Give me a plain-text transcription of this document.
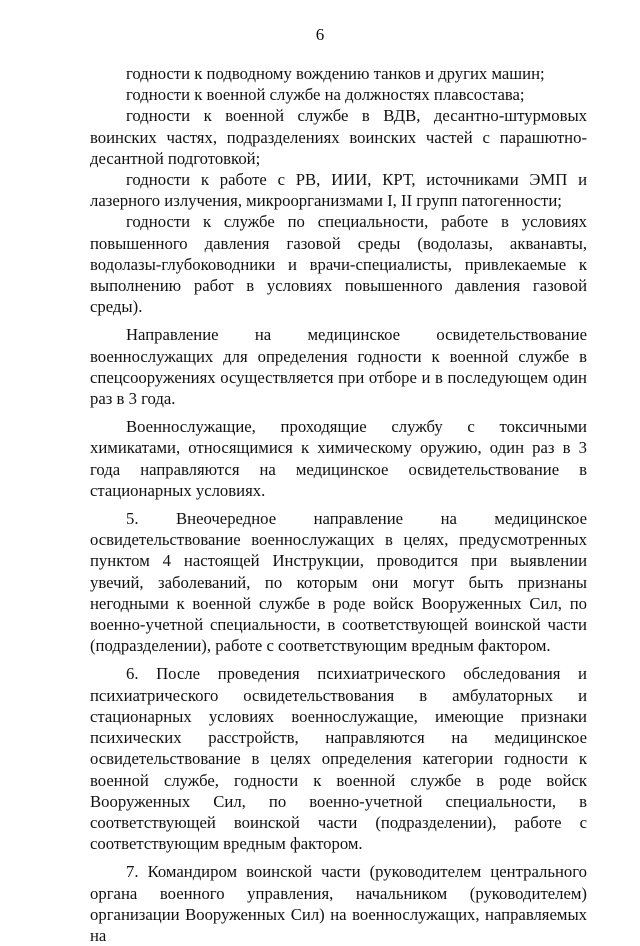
6

годности к подводному вождению танков и других машин;

годности к военной службе на должностях плавсостава;

годности к военной службе в ВДВ, десантно-штурмовых воинских частях, подразделениях воинских частей с парашютно-десантной подготовкой;

годности к работе с РВ, ИИИ, КРТ, источниками ЭМП и лазерного излучения, микроорганизмами I, II групп патогенности;

годности к службе по специальности, работе в условиях повышенного давления газовой среды (водолазы, акванавты, водолазы-глубоководники и врачи-специалисты, привлекаемые к выполнению работ в условиях повышенного давления газовой среды).

Направление на медицинское освидетельствование военнослужащих для определения годности к военной службе в спецсооружениях осуществляется при отборе и в последующем один раз в 3 года.

Военнослужащие, проходящие службу с токсичными химикатами, относящимися к химическому оружию, один раз в 3 года направляются на медицинское освидетельствование в стационарных условиях.

5. Внеочередное направление на медицинское освидетельствование военнослужащих в целях, предусмотренных пунктом 4 настоящей Инструкции, проводится при выявлении увечий, заболеваний, по которым они могут быть признаны негодными к военной службе в роде войск Вооруженных Сил, по военно-учетной специальности, в соответствующей воинской части (подразделении), работе с соответствующим вредным фактором.

6. После проведения психиатрического обследования и психиатрического освидетельствования в амбулаторных и стационарных условиях военнослужащие, имеющие признаки психических расстройств, направляются на медицинское освидетельствование в целях определения категории годности к военной службе, годности к военной службе в роде войск Вооруженных Сил, по военно-учетной специальности, в соответствующей воинской части (подразделении), работе с соответствующим вредным фактором.

7. Командиром воинской части (руководителем центрального органа военного управления, начальником (руководителем) организации Вооруженных Сил) на военнослужащих, направляемых на
